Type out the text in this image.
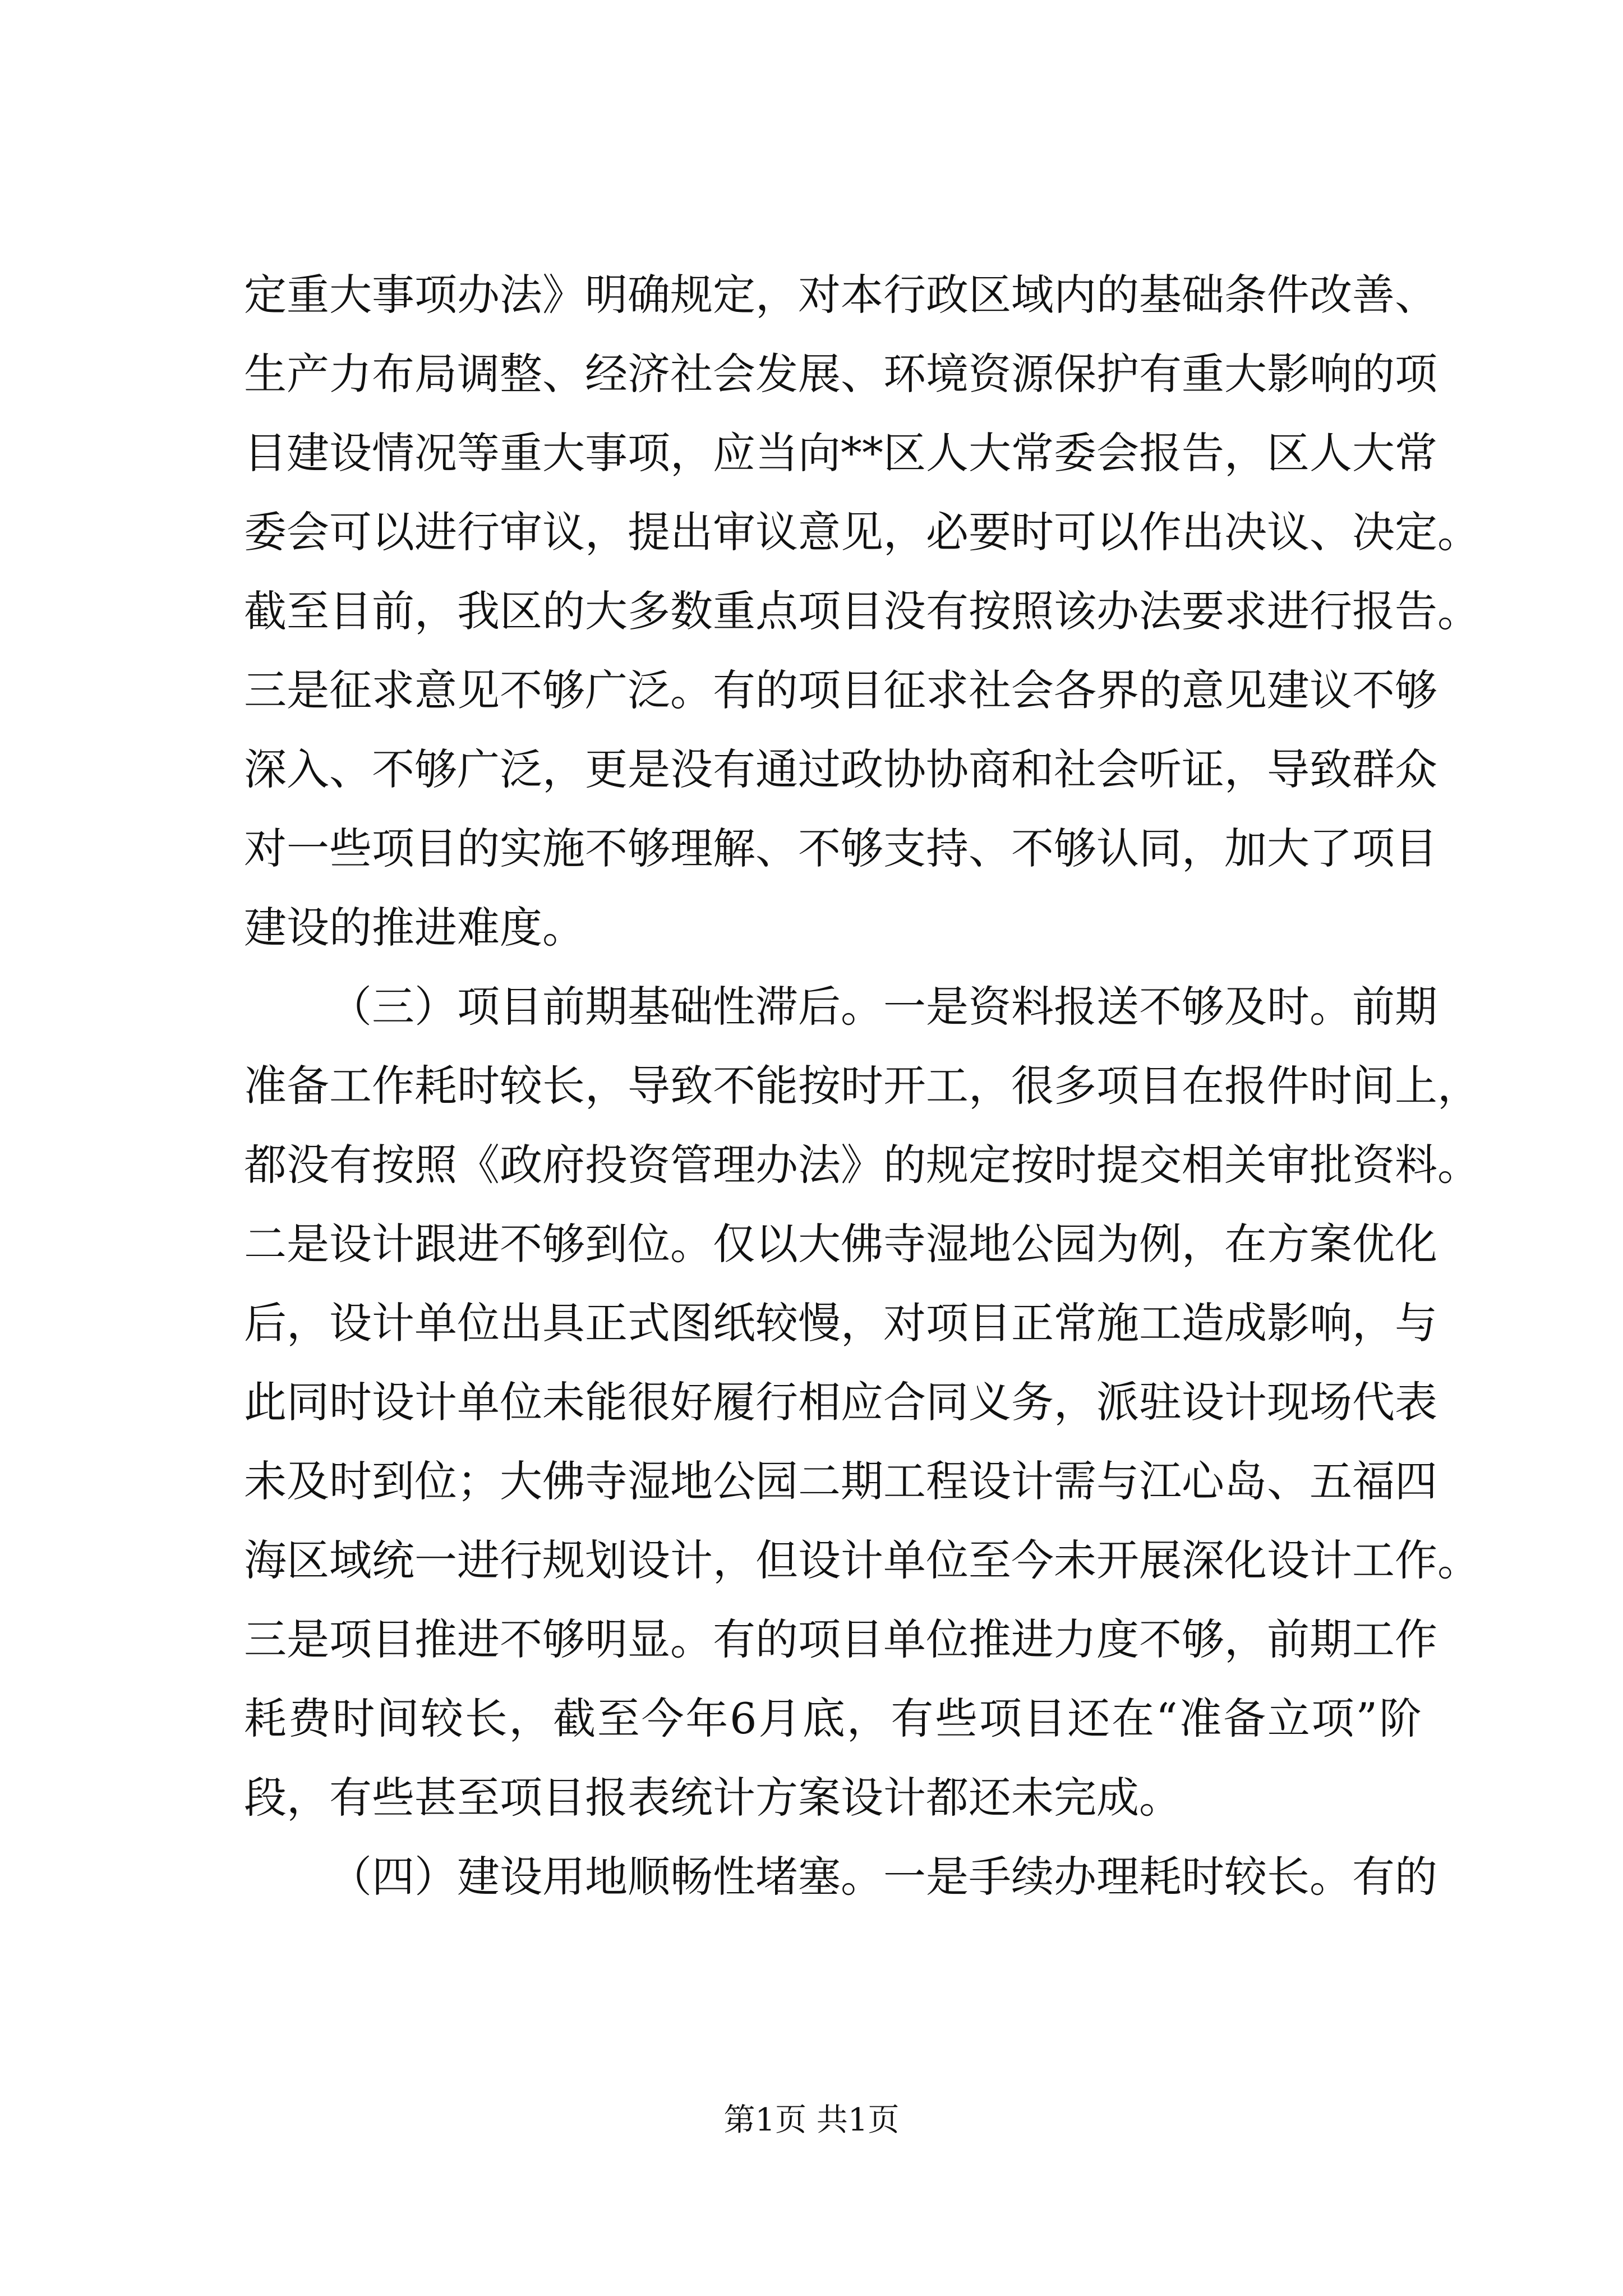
定重大事项办法》明确规定，对本行政区域内的基础条件改善、
生产力布局调整、经济社会发展、环境资源保护有重大影响的项
目建设情况等重大事项，应当向**区人大常委会报告，区人大常
委会可以进行审议，提出审议意见，必要时可以作出决议、决定。
截至目前，我区的大多数重点项目没有按照该办法要求进行报告。
三是征求意见不够广泛。有的项目征求社会各界的意见建议不够
深入、不够广泛，更是没有通过政协协商和社会听证，导致群众
对一些项目的实施不够理解、不够支持、不够认同，加大了项目
建设的推进难度。
（三）项目前期基础性滞后。一是资料报送不够及时。前期
准备工作耗时较长，导致不能按时开工，很多项目在报件时间上，
都没有按照《政府投资管理办法》的规定按时提交相关审批资料。
二是设计跟进不够到位。仅以大佛寺湿地公园为例，在方案优化
后，设计单位出具正式图纸较慢，对项目正常施工造成影响，与
此同时设计单位未能很好履行相应合同义务，派驻设计现场代表
未及时到位；大佛寺湿地公园二期工程设计需与江心岛、五福四
海区域统一进行规划设计，但设计单位至今未开展深化设计工作。
三是项目推进不够明显。有的项目单位推进力度不够，前期工作
耗费时间较长，截至今年6月底，有些项目还在“准备立项”阶
段，有些甚至项目报表统计方案设计都还未完成。
（四）建设用地顺畅性堵塞。一是手续办理耗时较长。有的
第1页 共1页
